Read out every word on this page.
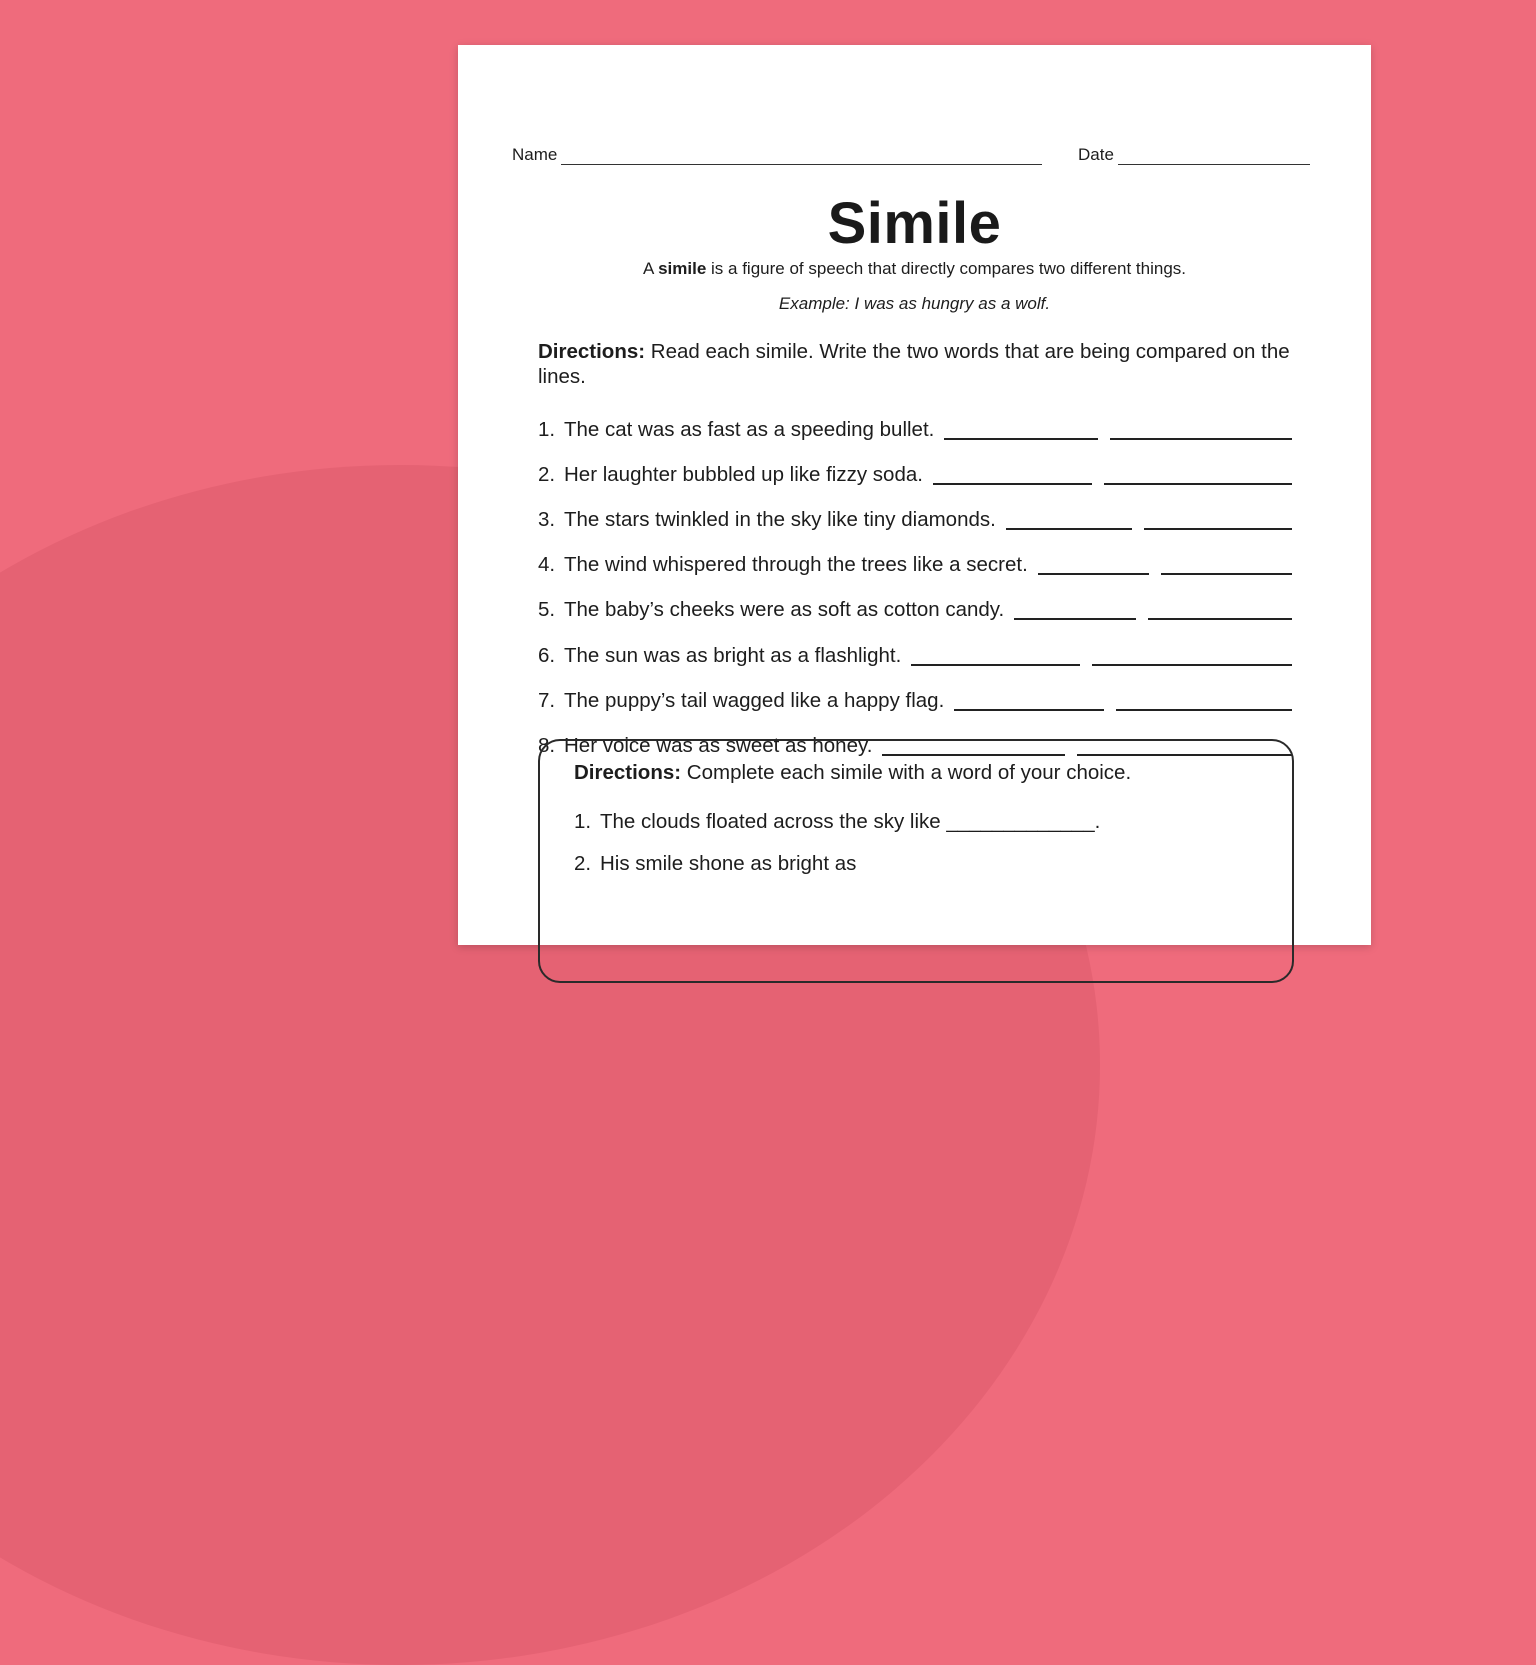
Name	Date
Simile
A simile is a figure of speech that directly compares two different things.
Example: I was as hungry as a wolf.
Directions: Read each simile. Write the two words that are being compared on the lines.
1. The cat was as fast as a speeding bullet.
2. Her laughter bubbled up like fizzy soda.
3. The stars twinkled in the sky like tiny diamonds.
4. The wind whispered through the trees like a secret.
5. The baby’s cheeks were as soft as cotton candy.
6. The sun was as bright as a flashlight.
7. The puppy’s tail wagged like a happy flag.
8. Her voice was as sweet as honey.
Directions: Complete each simile with a word of your choice.
1. The clouds floated across the sky like _____________.
2. His smile shone as bright as
